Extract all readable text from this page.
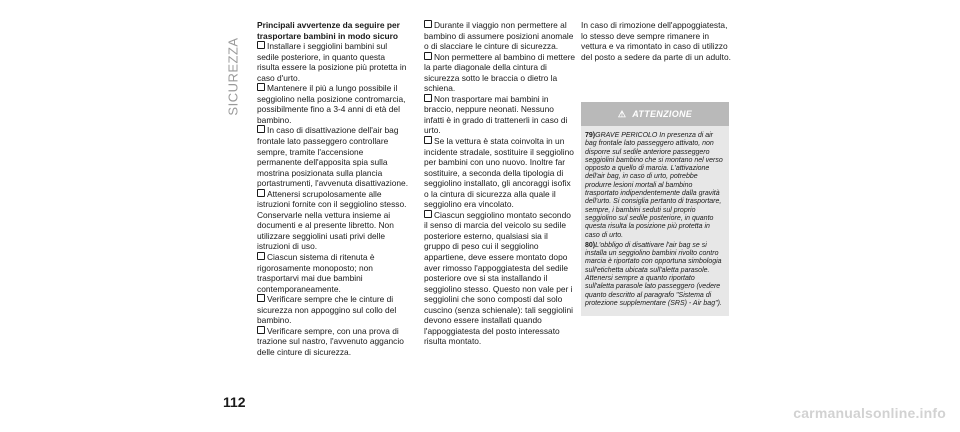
SICUREZZA

Principali avvertenze da seguire per trasportare bambini in modo sicuro

Installare i seggiolini bambini sul sedile posteriore, in quanto questa risulta essere la posizione più protetta in caso d'urto.

Mantenere il più a lungo possibile il seggiolino nella posizione contromarcia, possibilmente fino a 3-4 anni di età del bambino.

In caso di disattivazione dell'air bag frontale lato passeggero controllare sempre, tramite l'accensione permanente dell'apposita spia sulla mostrina posizionata sulla plancia portastrumenti, l'avvenuta disattivazione.

Attenersi scrupolosamente alle istruzioni fornite con il seggiolino stesso. Conservarle nella vettura insieme ai documenti e al presente libretto. Non utilizzare seggiolini usati privi delle istruzioni di uso.

Ciascun sistema di ritenuta è rigorosamente monoposto; non trasportarvi mai due bambini contemporaneamente.

Verificare sempre che le cinture di sicurezza non appoggino sul collo del bambino.

Verificare sempre, con una prova di trazione sul nastro, l'avvenuto aggancio delle cinture di sicurezza.

Durante il viaggio non permettere al bambino di assumere posizioni anomale o di slacciare le cinture di sicurezza.

Non permettere al bambino di mettere la parte diagonale della cintura di sicurezza sotto le braccia o dietro la schiena.

Non trasportare mai bambini in braccio, neppure neonati. Nessuno infatti è in grado di trattenerli in caso di urto.

Se la vettura è stata coinvolta in un incidente stradale, sostituire il seggiolino per bambini con uno nuovo. Inoltre far sostituire, a seconda della tipologia di seggiolino installato, gli ancoraggi isofix o la cintura di sicurezza alla quale il seggiolino era vincolato.

Ciascun seggiolino montato secondo il senso di marcia del veicolo su sedile posteriore esterno, qualsiasi sia il gruppo di peso cui il seggiolino appartiene, deve essere montato dopo aver rimosso l'appoggiatesta del sedile posteriore ove si sta installando il seggiolino stesso. Questo non vale per i seggiolini che sono composti dal solo cuscino (senza schienale): tali seggiolini devono essere installati quando l'appoggiatesta del posto interessato risulta montato.

In caso di rimozione dell'appoggiatesta, lo stesso deve sempre rimanere in vettura e va rimontato in caso di utilizzo del posto a sedere da parte di un adulto.

⚠ ATTENZIONE

79)GRAVE PERICOLO In presenza di air bag frontale lato passeggero attivato, non disporre sul sedile anteriore passeggero seggiolini bambino che si montano nel verso opposto a quello di marcia. L'attivazione dell'air bag, in caso di urto, potrebbe produrre lesioni mortali al bambino trasportato indipendentemente dalla gravità dell'urto. Si consiglia pertanto di trasportare, sempre, i bambini seduti sul proprio seggiolino sul sedile posteriore, in quanto questa risulta la posizione più protetta in caso di urto.

80)L'obbligo di disattivare l'air bag se si installa un seggiolino bambini rivolto contro marcia è riportato con opportuna simbologia sull'etichetta ubicata sull'aletta parasole. Attenersi sempre a quanto riportato sull'aletta parasole lato passeggero (vedere quanto descritto al paragrafo "Sistema di protezione supplementare (SRS) - Air bag").

112
carmanualsonline.info
